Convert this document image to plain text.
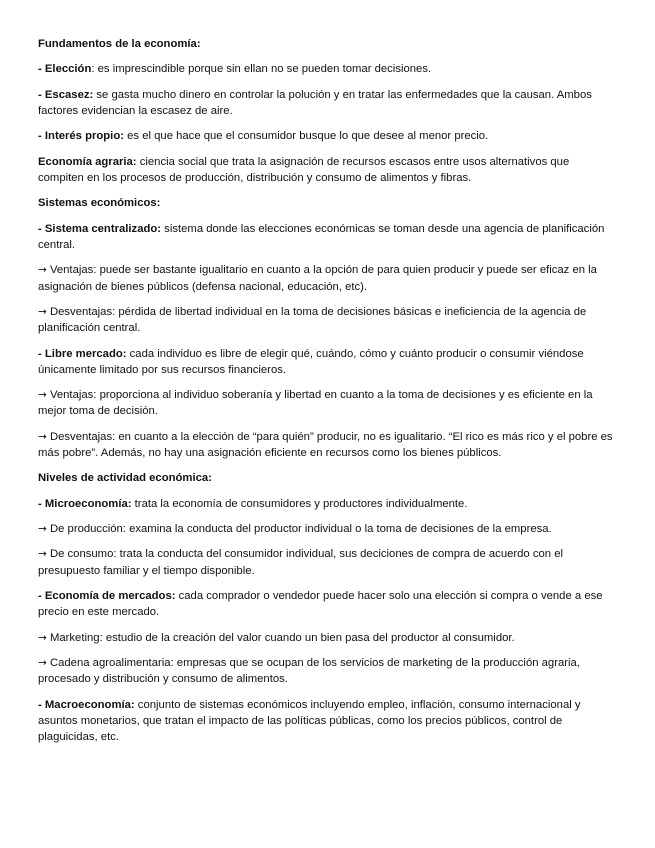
Fundamentos de la economía:

- Elección: es imprescindible porque sin ellan no se pueden tomar decisiones.

- Escasez: se gasta mucho dinero en controlar la polución y en tratar las enfermedades que la causan. Ambos factores evidencian la escasez de aire.

- Interés propio: es el que hace que el consumidor busque lo que desee al menor precio.

Economía agraria: ciencia social que trata la asignación de recursos escasos entre usos alternativos que compiten en los procesos de producción, distribución y consumo de alimentos y fibras.

Sistemas económicos:

- Sistema centralizado: sistema donde las elecciones económicas se toman desde una agencia de planificación central.

→ Ventajas: puede ser bastante igualitario en cuanto a la opción de para quien producir y puede ser eficaz en la asignación de bienes públicos (defensa nacional, educación, etc).

→ Desventajas: pérdida de libertad individual en la toma de decisiones básicas e ineficiencia de la agencia de planificación central.

- Libre mercado: cada individuo es libre de elegir qué, cuándo, cómo y cuánto producir o consumir viéndose únicamente limitado por sus recursos financieros.

→ Ventajas: proporciona al individuo soberanía y libertad en cuanto a la toma de decisiones y es eficiente en la mejor toma de decisión.

→ Desventajas: en cuanto a la elección de “para quién” producir, no es igualitario. “El rico es más rico y el pobre es más pobre”. Además, no hay una asignación eficiente en recursos como los bienes públicos.

Niveles de actividad económica:

- Microeconomía: trata la economía de consumidores y productores individualmente.

→ De producción: examina la conducta del productor individual o la toma de decisiones de la empresa.

→ De consumo: trata la conducta del consumidor individual, sus deciciones de compra de acuerdo con el presupuesto familiar y el tiempo disponible.

- Economía de mercados: cada comprador o vendedor puede hacer solo una elección si compra o vende a ese precio en este mercado.

→ Marketing: estudio de la creación del valor cuando un bien pasa del productor al consumidor.

→ Cadena agroalimentaria: empresas que se ocupan de los servicios de marketing de la producción agraria, procesado y distribución y consumo de alimentos.

- Macroeconomía: conjunto de sistemas económicos incluyendo empleo, inflación, consumo internacional y asuntos monetarios, que tratan el impacto de las políticas públicas, como los precios públicos, control de plaguicidas, etc.
